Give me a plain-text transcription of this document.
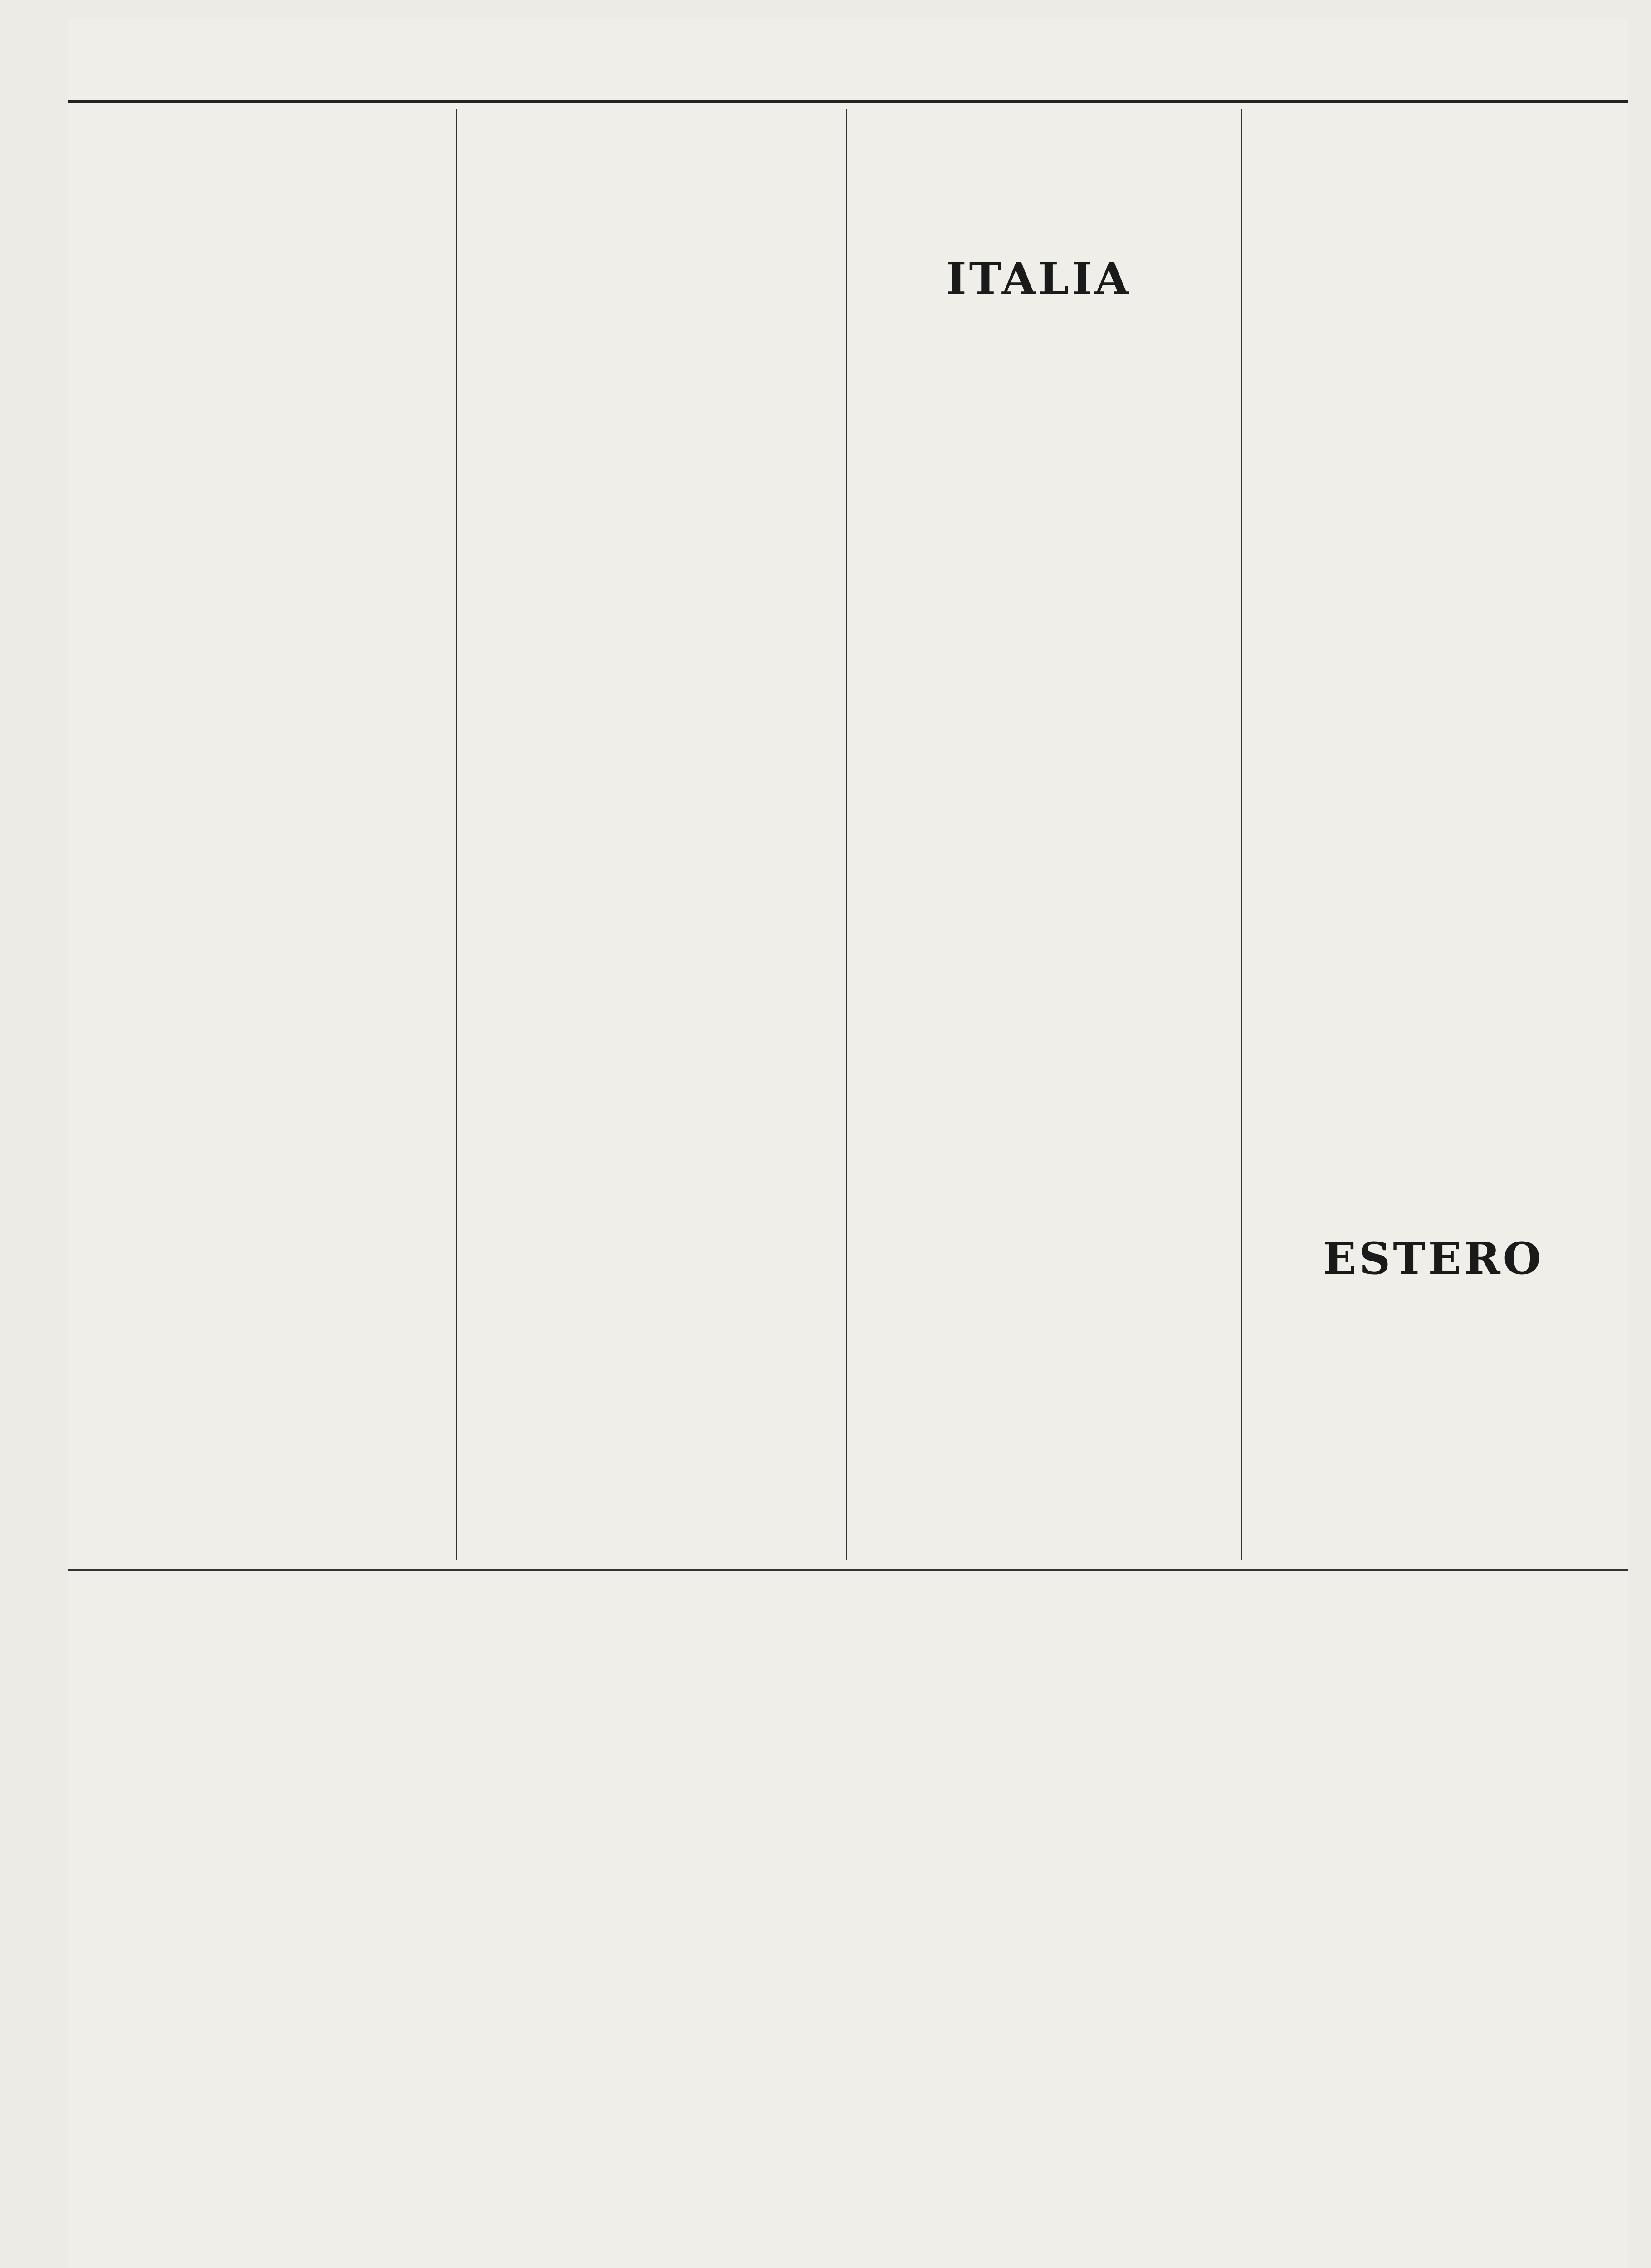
ITALIA
ESTERO
